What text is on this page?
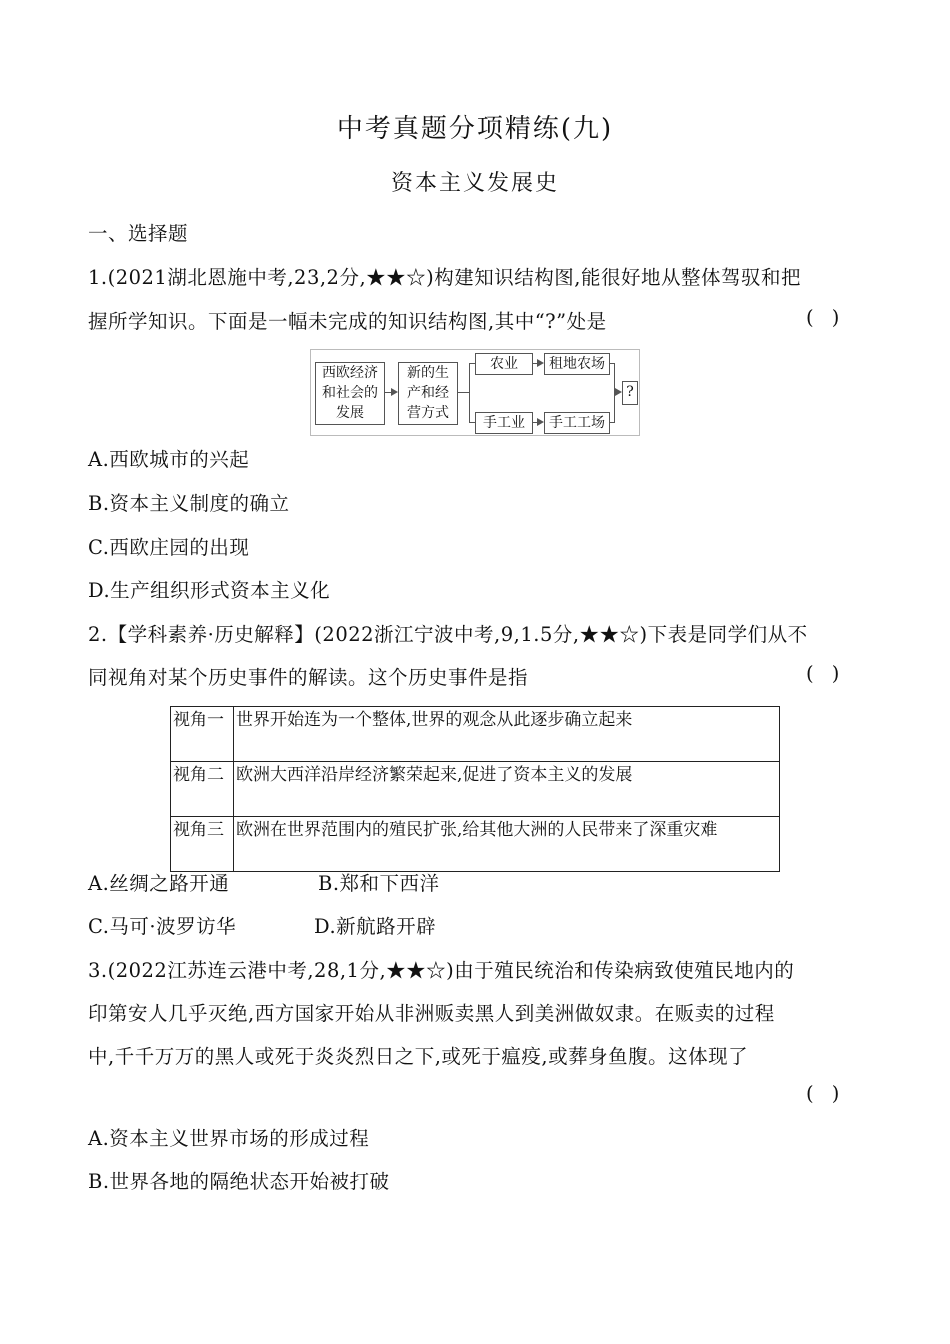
中考真题分项精练(九)
资本主义发展史
一、选择题
1.(2021湖北恩施中考,23,2分,★★☆)构建知识结构图,能很好地从整体驾驭和把
握所学知识。下面是一幅未完成的知识结构图,其中“?”处是	( )
西欧经济
和社会的
发展
新的生
产和经
营方式
农业	租地农场
手工业	手工工场
?
A.西欧城市的兴起
B.资本主义制度的确立
C.西欧庄园的出现
D.生产组织形式资本主义化
2.【学科素养·历史解释】(2022浙江宁波中考,9,1.5分,★★☆)下表是同学们从不
同视角对某个历史事件的解读。这个历史事件是指	( )
视角一	世界开始连为一个整体,世界的观念从此逐步确立起来
视角二	欧洲大西洋沿岸经济繁荣起来,促进了资本主义的发展
视角三	欧洲在世界范围内的殖民扩张,给其他大洲的人民带来了深重灾难
A.丝绸之路开通	B.郑和下西洋
C.马可·波罗访华	D.新航路开辟
3.(2022江苏连云港中考,28,1分,★★☆)由于殖民统治和传染病致使殖民地内的
印第安人几乎灭绝,西方国家开始从非洲贩卖黑人到美洲做奴隶。在贩卖的过程
中,千千万万的黑人或死于炎炎烈日之下,或死于瘟疫,或葬身鱼腹。这体现了
( )
A.资本主义世界市场的形成过程
B.世界各地的隔绝状态开始被打破
